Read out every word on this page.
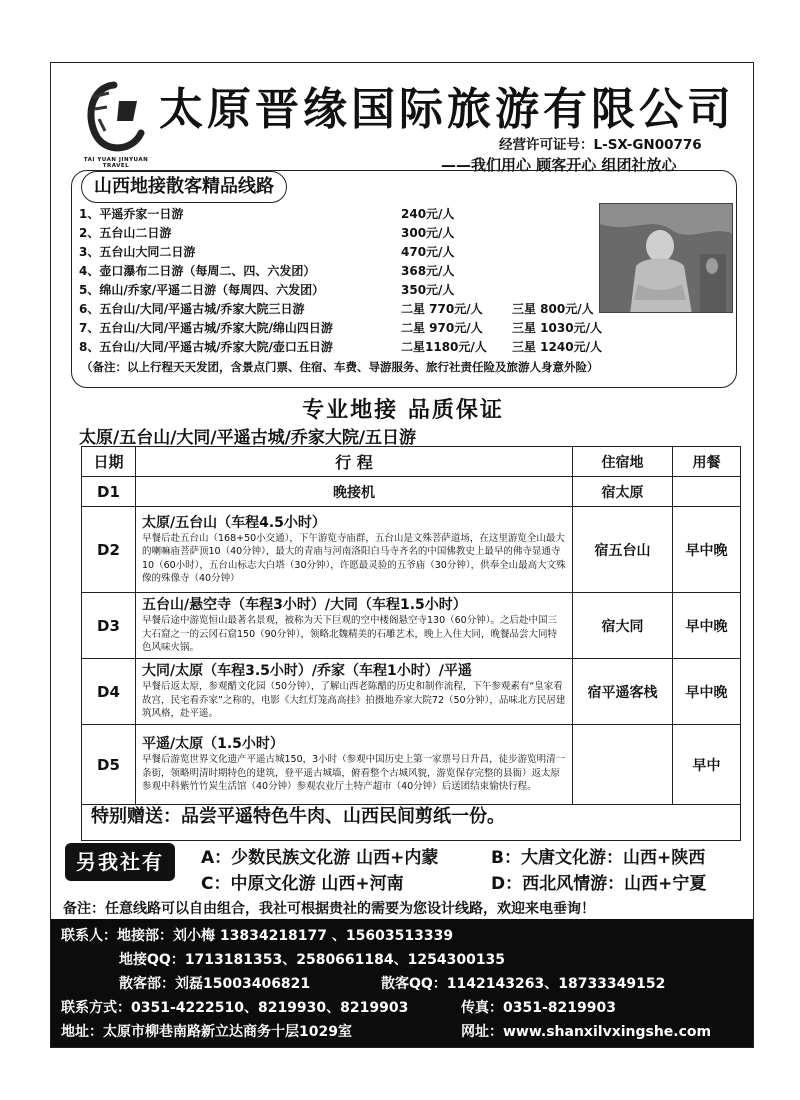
TAI YUAN JINYUAN TRAVEL
太原晋缘国际旅游有限公司
经营许可证号：L-SX-GN00776
——我们用心 顾客开心 组团社放心
山西地接散客精品线路
1、平遥乔家一日游	240元/人
2、五台山二日游	300元/人
3、五台山大同二日游	470元/人
4、壶口瀑布二日游（每周二、四、六发团）	368元/人
5、绵山/乔家/平遥二日游（每周四、六发团）	350元/人
6、五台山/大同/平遥古城/乔家大院三日游	二星 770元/人 三星 800元/人
7、五台山/大同/平遥古城/乔家大院/绵山四日游	二星 970元/人 三星 1030元/人
8、五台山/大同/平遥古城/乔家大院/壶口五日游	二星1180元/人 三星 1240元/人
（备注：以上行程天天发团，含景点门票、住宿、车费、导游服务、旅行社责任险及旅游人身意外险）
专业地接 品质保证
太原/五台山/大同/平遥古城/乔家大院/五日游
日期	行 程	住宿地	用餐
D1	晚接机	宿太原	
D2	太原/五台山（车程4.5小时）
早餐后赴五台山（168+50小交通），下午游览寺庙群，五台山是文殊菩萨道场，在这里游览全山最大的喇嘛庙菩萨顶10（40分钟），最大的青庙与河南洛阳白马寺齐名的中国佛教史上最早的佛寺显通寺10（60小时），五台山标志大白塔（30分钟），许愿最灵验的五爷庙（30分钟），供奉全山最高大文殊像的殊像寺（40分钟）	宿五台山	早中晚
D3	五台山/悬空寺（车程3小时）/大同（车程1.5小时）
早餐后途中游览恒山最著名景观，被称为天下巨观的空中楼阁悬空寺130（60分钟）。之后赴中国三大石窟之一的云冈石窟150（90分钟），领略北魏精美的石雕艺术，晚上入住大同，晚餐品尝大同特色风味火锅。	宿大同	早中晚
D4	大同/太原（车程3.5小时）/乔家（车程1小时）/平遥
早餐后返太原，参观醋文化园（50分钟），了解山西老陈醋的历史和制作流程，下午参观素有“皇家看故宫，民宅看乔家”之称的，电影《大红灯笼高高挂》拍摄地乔家大院72（50分钟），品味北方民居建筑风格，赴平遥。	宿平遥客栈	早中晚
D5	平遥/太原（1.5小时）
早餐后游览世界文化遗产平遥古城150，3小时（参观中国历史上第一家票号日升昌，徒步游览明清一条街，领略明清时期特色的建筑，登平遥古城墙，俯看整个古城风貌，游览保存完整的县衙）返太原参观中科紫竹竹炭生活馆（40分钟）参观农业厅土特产超市（40分钟）后送团结束愉快行程。		早中

特别赠送：品尝平遥特色牛肉、山西民间剪纸一份。
另我社有	A：少数民族文化游 山西+内蒙	B：大唐文化游：山西+陕西
C：中原文化游 山西+河南	D：西北风情游：山西+宁夏
备注：任意线路可以自由组合，我社可根据贵社的需要为您设计线路，欢迎来电垂询！
联系人：地接部：刘小梅 13834218177 、15603513339
地接QQ：1713181353、2580661184、1254300135
散客部：刘磊15003406821	散客QQ：1142143263、18733349152
联系方式：0351-4222510、8219930、8219903	传真：0351-8219903
地址：太原市柳巷南路新立达商务十层1029室	网址：www.shanxilvxingshe.com
